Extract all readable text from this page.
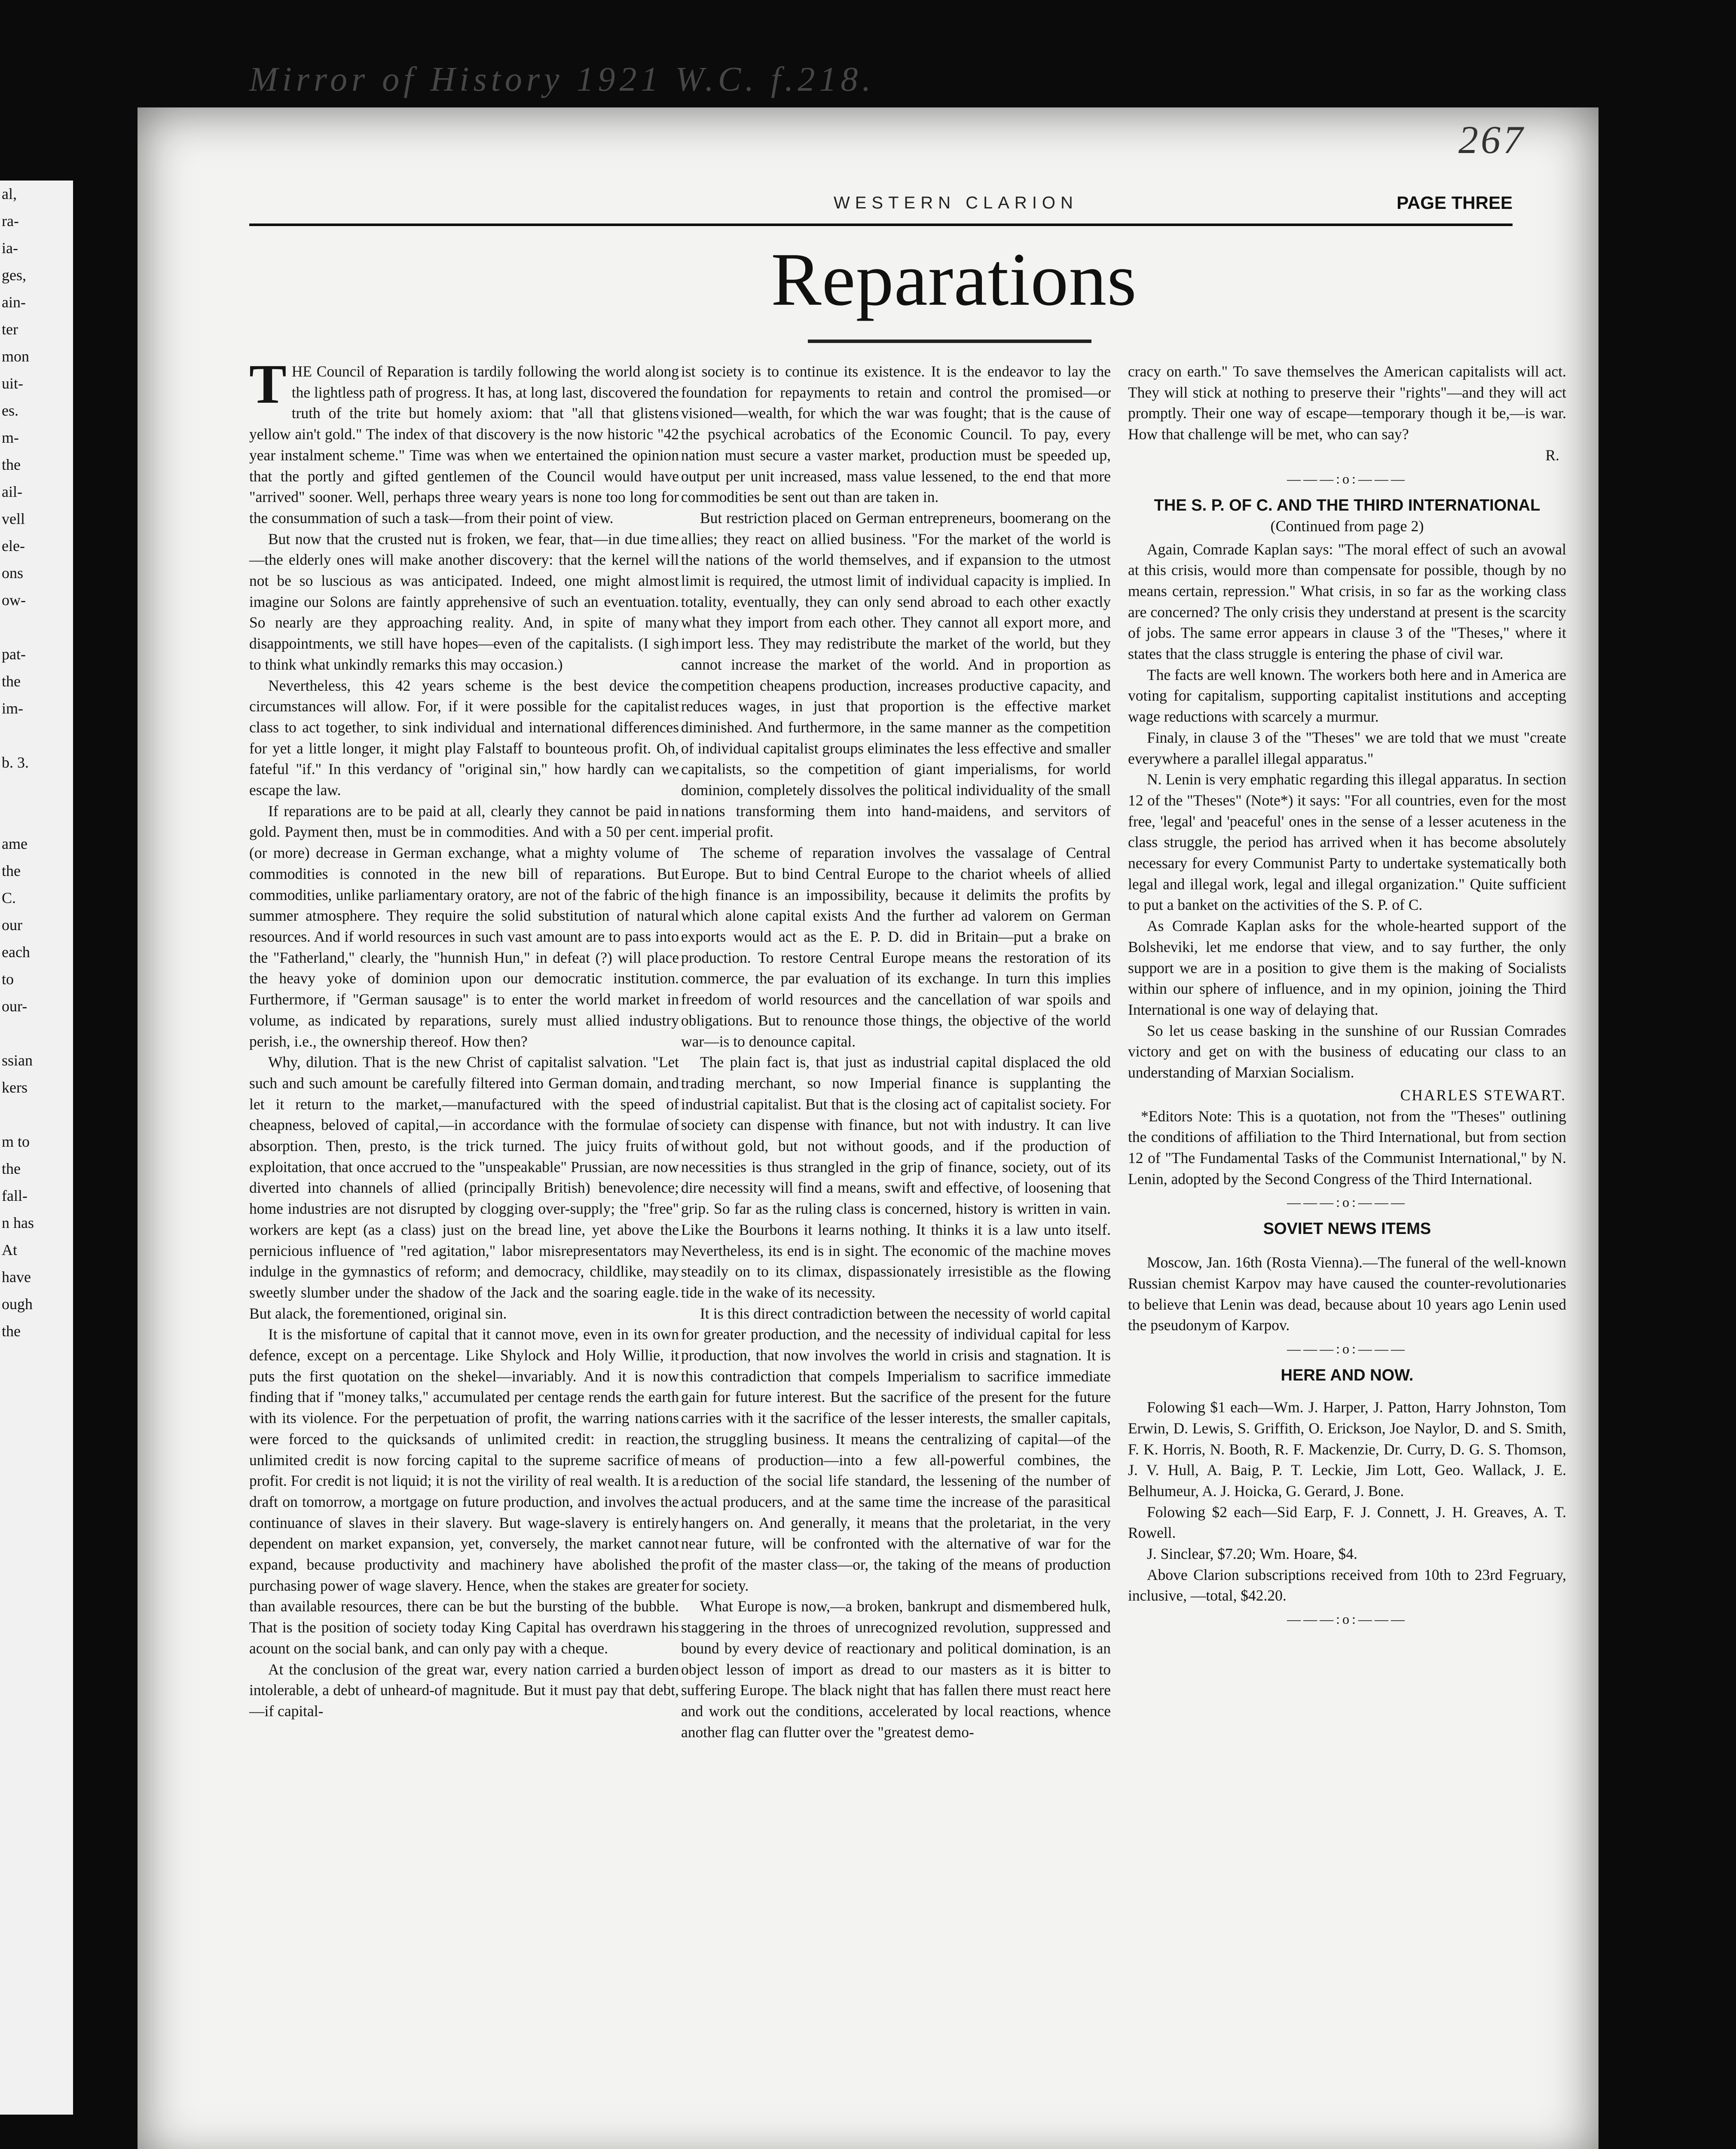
al,
ra-
ia-
ges,
ain-
ter
mon
uit-
es.
m-
the
ail-
vell
ele-
ons
ow-

pat-
the
im-

b. 3.

ame
the
C.
our
each
to
our-

ssian
kers

m to
the
fall-
n has
At
have
ough
the
Mirror of History 1921 W.C. f.218.
267
WESTERN CLARION	PAGE THREE
Reparations

THE Council of Reparation is tardily following the world along the lightless path of progress. It has, at long last, discovered the truth of the trite but homely axiom: that "all that glistens yellow ain't gold." The index of that discovery is the now historic "42 year instalment scheme." Time was when we entertained the opinion that the portly and gifted gentlemen of the Council would have "arrived" sooner. Well, perhaps three weary years is none too long for the consummation of such a task—from their point of view.

But now that the crusted nut is froken, we fear, that—in due time—the elderly ones will make another discovery: that the kernel will not be so luscious as was anticipated. Indeed, one might almost imagine our Solons are faintly apprehensive of such an eventuation. So nearly are they approaching reality. And, in spite of many disappointments, we still have hopes—even of the capitalists. (I sigh to think what unkindly remarks this may occasion.)

Nevertheless, this 42 years scheme is the best device the circumstances will allow. For, if it were possible for the capitalist class to act together, to sink individual and international differences for yet a little longer, it might play Falstaff to bounteous profit. Oh, fateful "if." In this verdancy of "original sin," how hardly can we escape the law.

If reparations are to be paid at all, clearly they cannot be paid in gold. Payment then, must be in commodities. And with a 50 per cent. (or more) decrease in German exchange, what a mighty volume of commodities is connoted in the new bill of reparations. But commodities, unlike parliamentary oratory, are not of the fabric of the summer atmosphere. They require the solid substitution of natural resources. And if world resources in such vast amount are to pass into the "Fatherland," clearly, the "hunnish Hun," in defeat (?) will place the heavy yoke of dominion upon our democratic institution. Furthermore, if "German sausage" is to enter the world market in volume, as indicated by reparations, surely must allied industry perish, i.e., the ownership thereof. How then?

Why, dilution. That is the new Christ of capitalist salvation. "Let such and such amount be carefully filtered into German domain, and let it return to the market,—manufactured with the speed of cheapness, beloved of capital,—in accordance with the formulae of absorption. Then, presto, is the trick turned. The juicy fruits of exploitation, that once accrued to the "unspeakable" Prussian, are now diverted into channels of allied (principally British) benevolence; home industries are not disrupted by clogging over-supply; the "free" workers are kept (as a class) just on the bread line, yet above the pernicious influence of "red agitation," labor misrepresentators may indulge in the gymnastics of reform; and democracy, childlike, may sweetly slumber under the shadow of the Jack and the soaring eagle. But alack, the forementioned, original sin.

It is the misfortune of capital that it cannot move, even in its own defence, except on a percentage. Like Shylock and Holy Willie, it puts the first quotation on the shekel—invariably. And it is now finding that if "money talks," accumulated per centage rends the earth with its violence. For the perpetuation of profit, the warring nations were forced to the quicksands of unlimited credit: in reaction, unlimited credit is now forcing capital to the supreme sacrifice of profit. For credit is not liquid; it is not the virility of real wealth. It is a draft on tomorrow, a mortgage on future production, and involves the continuance of slaves in their slavery. But wage-slavery is entirely dependent on market expansion, yet, conversely, the market cannot expand, because productivity and machinery have abolished the purchasing power of wage slavery. Hence, when the stakes are greater than available resources, there can be but the bursting of the bubble. That is the position of society today King Capital has overdrawn his acount on the social bank, and can only pay with a cheque.

At the conclusion of the great war, every nation carried a burden intolerable, a debt of unheard-of magnitude. But it must pay that debt,—if capital-

ist society is to continue its existence. It is the endeavor to lay the foundation for repayments to retain and control the promised—or visioned—wealth, for which the war was fought; that is the cause of the psychical acrobatics of the Economic Council. To pay, every nation must secure a vaster market, production must be speeded up, output per unit increased, mass value lessened, to the end that more commodities be sent out than are taken in.

But restriction placed on German entrepreneurs, boomerang on the allies; they react on allied business. "For the market of the world is the nations of the world themselves, and if expansion to the utmost limit is required, the utmost limit of individual capacity is implied. In totality, eventually, they can only send abroad to each other exactly what they import from each other. They cannot all export more, and import less. They may redistribute the market of the world, but they cannot increase the market of the world. And in proportion as competition cheapens production, increases productive capacity, and reduces wages, in just that proportion is the effective market diminished. And furthermore, in the same manner as the competition of individual capitalist groups eliminates the less effective and smaller capitalists, so the competition of giant imperialisms, for world dominion, completely dissolves the political individuality of the small nations transforming them into hand-maidens, and servitors of imperial profit.

The scheme of reparation involves the vassalage of Central Europe. But to bind Central Europe to the chariot wheels of allied high finance is an impossibility, because it delimits the profits by which alone capital exists And the further ad valorem on German exports would act as the E. P. D. did in Britain—put a brake on production. To restore Central Europe means the restoration of its commerce, the par evaluation of its exchange. In turn this implies freedom of world resources and the cancellation of war spoils and obligations. But to renounce those things, the objective of the world war—is to denounce capital.

The plain fact is, that just as industrial capital displaced the old trading merchant, so now Imperial finance is supplanting the industrial capitalist. But that is the closing act of capitalist society. For society can dispense with finance, but not with industry. It can live without gold, but not without goods, and if the production of necessities is thus strangled in the grip of finance, society, out of its dire necessity will find a means, swift and effective, of loosening that grip. So far as the ruling class is concerned, history is written in vain. Like the Bourbons it learns nothing. It thinks it is a law unto itself. Nevertheless, its end is in sight. The economic of the machine moves steadily on to its climax, dispassionately irresistible as the flowing tide in the wake of its necessity.

It is this direct contradiction between the necessity of world capital for greater production, and the necessity of individual capital for less production, that now involves the world in crisis and stagnation. It is this contradiction that compels Imperialism to sacrifice immediate gain for future interest. But the sacrifice of the present for the future carries with it the sacrifice of the lesser interests, the smaller capitals, the struggling business. It means the centralizing of capital—of the means of production—into a few all-powerful combines, the reduction of the social life standard, the lessening of the number of actual producers, and at the same time the increase of the parasitical hangers on. And generally, it means that the proletariat, in the very near future, will be confronted with the alternative of war for the profit of the master class—or, the taking of the means of production for society.

What Europe is now,—a broken, bankrupt and dismembered hulk, staggering in the throes of unrecognized revolution, suppressed and bound by every device of reactionary and political domination, is an object lesson of import as dread to our masters as it is bitter to suffering Europe. The black night that has fallen there must react here and work out the conditions, accelerated by local reactions, whence another flag can flutter over the "greatest demo-

cracy on earth." To save themselves the American capitalists will act. They will stick at nothing to preserve their "rights"—and they will act promptly. Their one way of escape—temporary though it be,—is war. How that challenge will be met, who can say?

R.
———:o:———
THE S. P. OF C. AND THE THIRD INTERNATIONAL
(Continued from page 2)

Again, Comrade Kaplan says: "The moral effect of such an avowal at this crisis, would more than compensate for possible, though by no means certain, repression." What crisis, in so far as the working class are concerned? The only crisis they understand at present is the scarcity of jobs. The same error appears in clause 3 of the "Theses," where it states that the class struggle is entering the phase of civil war.

The facts are well known. The workers both here and in America are voting for capitalism, supporting capitalist institutions and accepting wage reductions with scarcely a murmur.

Finaly, in clause 3 of the "Theses" we are told that we must "create everywhere a parallel illegal apparatus."

N. Lenin is very emphatic regarding this illegal apparatus. In section 12 of the "Theses" (Note*) it says: "For all countries, even for the most free, 'legal' and 'peaceful' ones in the sense of a lesser acuteness in the class struggle, the period has arrived when it has become absolutely necessary for every Communist Party to undertake systematically both legal and illegal work, legal and illegal organization." Quite sufficient to put a banket on the activities of the S. P. of C.

As Comrade Kaplan asks for the whole-hearted support of the Bolsheviki, let me endorse that view, and to say further, the only support we are in a position to give them is the making of Socialists within our sphere of influence, and in my opinion, joining the Third International is one way of delaying that.

So let us cease basking in the sunshine of our Russian Comrades victory and get on with the business of educating our class to an understanding of Marxian Socialism.

CHARLES STEWART.

*Editors Note: This is a quotation, not from the "Theses" outlining the conditions of affiliation to the Third International, but from section 12 of "The Fundamental Tasks of the Communist International," by N. Lenin, adopted by the Second Congress of the Third International.

———:o:———
SOVIET NEWS ITEMS

Moscow, Jan. 16th (Rosta Vienna).—The funeral of the well-known Russian chemist Karpov may have caused the counter-revolutionaries to believe that Lenin was dead, because about 10 years ago Lenin used the pseudonym of Karpov.

———:o:———
HERE AND NOW.

Folowing $1 each—Wm. J. Harper, J. Patton, Harry Johnston, Tom Erwin, D. Lewis, S. Griffith, O. Erickson, Joe Naylor, D. and S. Smith, F. K. Horris, N. Booth, R. F. Mackenzie, Dr. Curry, D. G. S. Thomson, J. V. Hull, A. Baig, P. T. Leckie, Jim Lott, Geo. Wallack, J. E. Belhumeur, A. J. Hoicka, G. Gerard, J. Bone.

Folowing $2 each—Sid Earp, F. J. Connett, J. H. Greaves, A. T. Rowell.

J. Sinclear, $7.20; Wm. Hoare, $4.

Above Clarion subscriptions received from 10th to 23rd Fegruary, inclusive, —total, $42.20.

———:o:———
